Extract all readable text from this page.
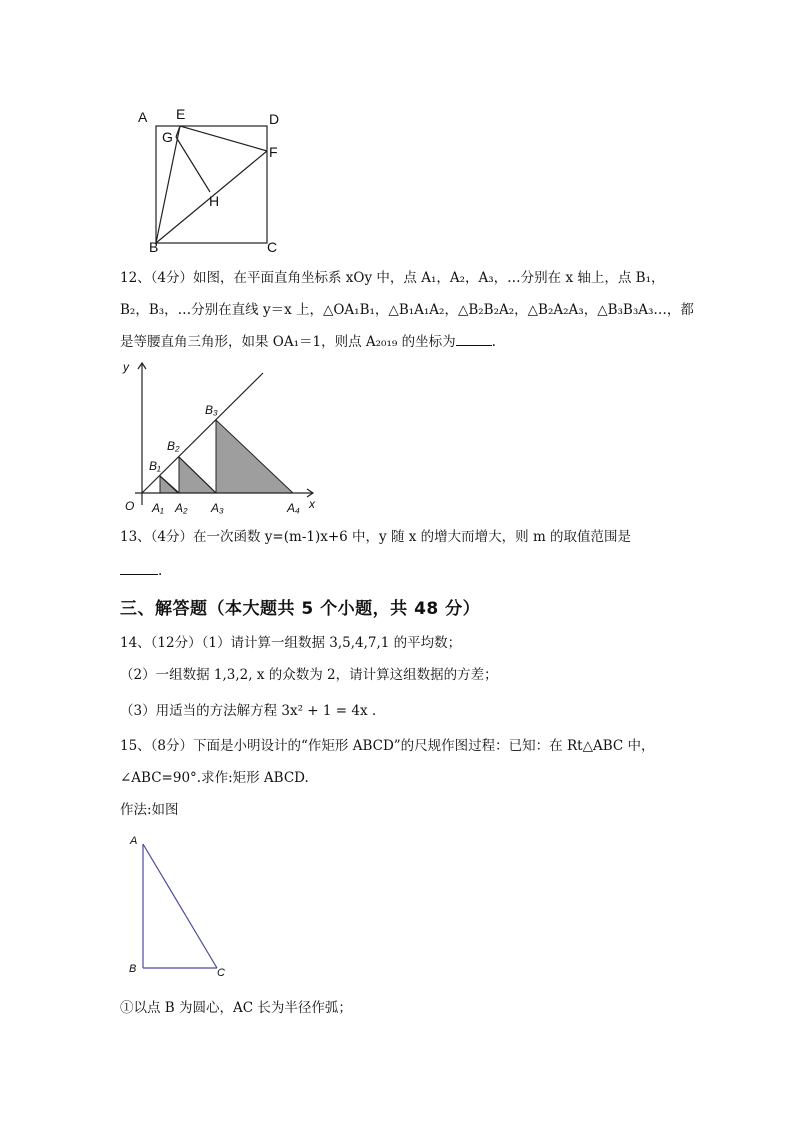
A E	D
G
F
H
B	C
12、（4分）如图，在平面直角坐标系 xOy 中，点 A₁，A₂，A₃，…分别在 x 轴上，点 B₁，
B₂，B₃，…分别在直线 y＝x 上，△OA₁B₁，△B₁A₁A₂，△B₂B₂A₂，△B₂A₂A₃，△B₃B₃A₃…，都
是等腰直角三角形，如果 OA₁＝1，则点 A₂₀₁₉ 的坐标为	.
y
x
O
B₁
B₂
B₃
A₁ A₂ A₃	A₄
13、（4分）在一次函数 y=(m-1)x+6 中，y 随 x 的增大而增大，则 m 的取值范围是
.
三、解答题（本大题共 5 个小题，共 48 分）
14、（12分）（1）请计算一组数据 3,5,4,7,1 的平均数；
（2）一组数据 1,3,2, x 的众数为 2，请计算这组数据的方差；
（3）用适当的方法解方程 3x² + 1 = 4x .
15、（8分）下面是小明设计的“作矩形 ABCD”的尺规作图过程：已知：在 Rt△ABC 中，
∠ABC=90°.求作:矩形 ABCD.
作法:如图
A
B	C
①以点 B 为圆心，AC 长为半径作弧；
